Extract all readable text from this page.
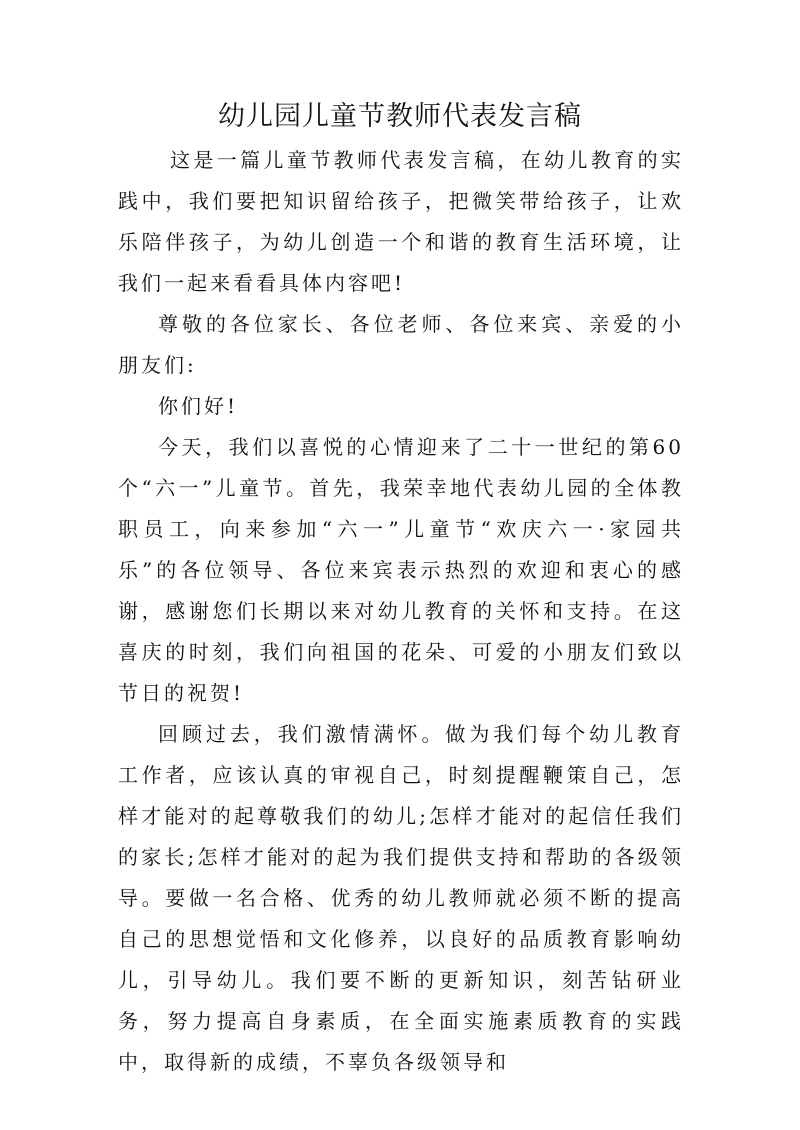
幼儿园儿童节教师代表发言稿

这是一篇儿童节教师代表发言稿，在幼儿教育的实践中，我们要把知识留给孩子，把微笑带给孩子，让欢乐陪伴孩子，为幼儿创造一个和谐的教育生活环境，让我们一起来看看具体内容吧!

尊敬的各位家长、各位老师、各位来宾、亲爱的小朋友们:

你们好!

今天，我们以喜悦的心情迎来了二十一世纪的第60个“六一”儿童节。首先，我荣幸地代表幼儿园的全体教职员工，向来参加“六一”儿童节“欢庆六一·家园共乐”的各位领导、各位来宾表示热烈的欢迎和衷心的感谢，感谢您们长期以来对幼儿教育的关怀和支持。在这喜庆的时刻，我们向祖国的花朵、可爱的小朋友们致以节日的祝贺!

回顾过去，我们激情满怀。做为我们每个幼儿教育工作者，应该认真的审视自己，时刻提醒鞭策自己，怎样才能对的起尊敬我们的幼儿;怎样才能对的起信任我们的家长;怎样才能对的起为我们提供支持和帮助的各级领导。要做一名合格、优秀的幼儿教师就必须不断的提高自己的思想觉悟和文化修养，以良好的品质教育影响幼儿，引导幼儿。我们要不断的更新知识，刻苦钻研业务，努力提高自身素质，在全面实施素质教育的实践中，取得新的成绩，不辜负各级领导和
